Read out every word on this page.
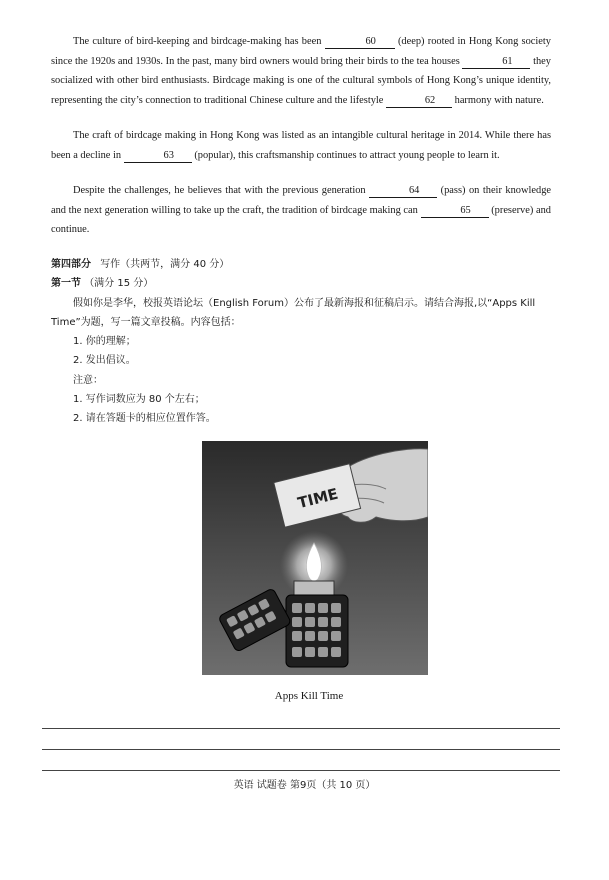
The culture of bird-keeping and birdcage-making has been	60 (deep) rooted in Hong Kong society since the 1920s and 1930s. In the past, many bird owners would bring their birds to the tea houses	61 they socialized with other bird enthusiasts. Birdcage making is one of the cultural symbols of Hong Kong’s unique identity, representing the city’s connection to traditional Chinese culture and the lifestyle	62 harmony with nature.

The craft of birdcage making in Hong Kong was listed as an intangible cultural heritage in 2014. While there has been a decline in	63 (popular), this craftsmanship continues to attract young people to learn it.

Despite the challenges, he believes that with the previous generation	64 (pass) on their knowledge and the next generation willing to take up the craft, the tradition of birdcage making can	65 (preserve) and continue.

第四部分 写作（共两节，满分 40 分）

第一节 （满分 15 分）

假如你是李华，校报英语论坛（English Forum）公布了最新海报和征稿启示。请结合海报,以“Apps Kill Time”为题，写一篇文章投稿。内容包括：

1. 你的理解；

2. 发出倡议。

注意：

1. 写作词数应为 80 个左右；

2. 请在答题卡的相应位置作答。

TIME
Apps Kill Time
英语 试题卷 第9页（共 10 页）
